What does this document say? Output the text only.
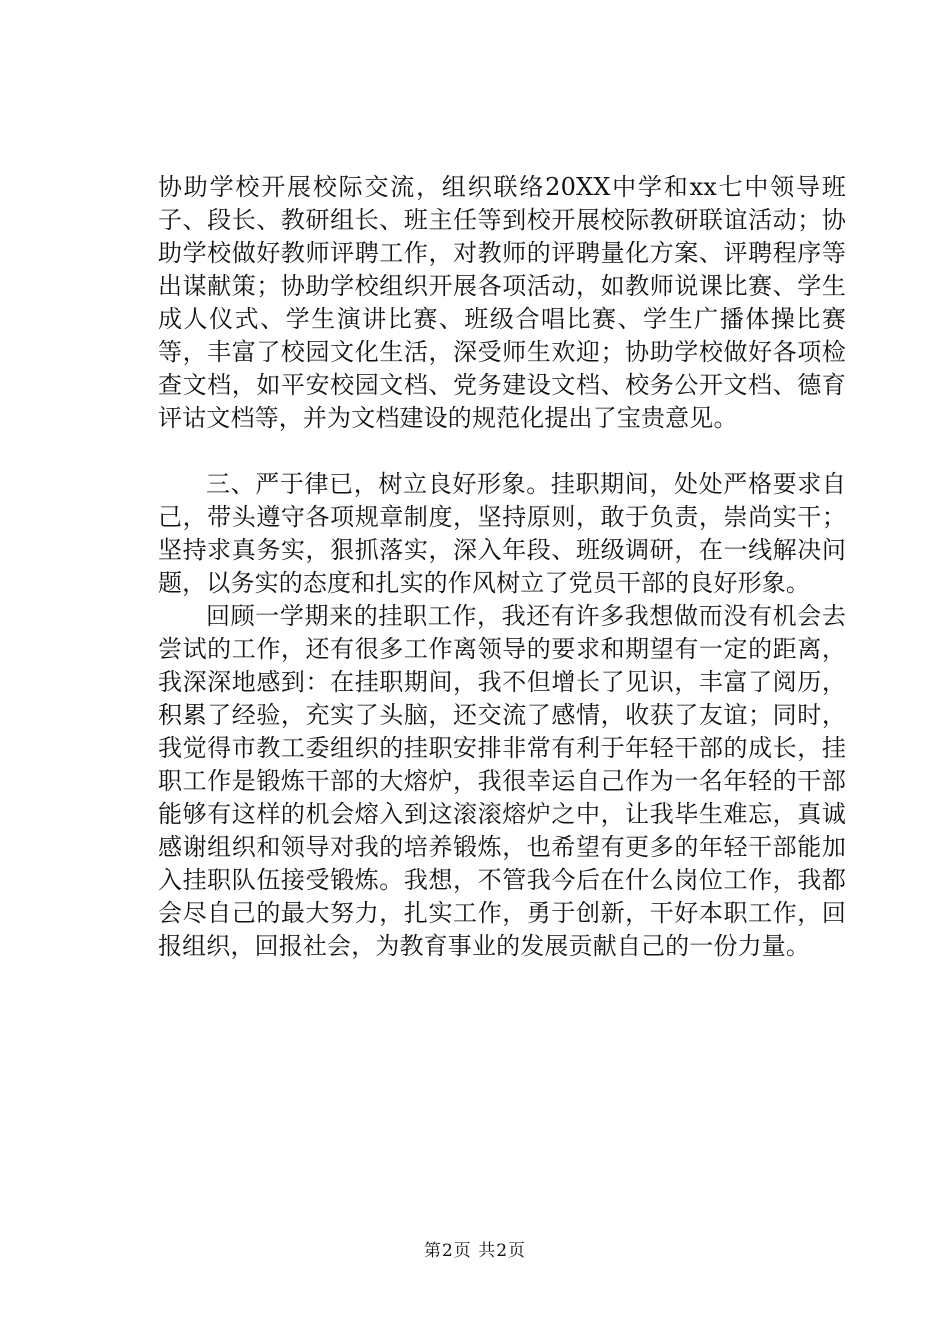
协助学校开展校际交流，组织联络20XX中学和xx七中领导班子、段长、教研组长、班主任等到校开展校际教研联谊活动；协助学校做好教师评聘工作，对教师的评聘量化方案、评聘程序等出谋献策；协助学校组织开展各项活动，如教师说课比赛、学生成人仪式、学生演讲比赛、班级合唱比赛、学生广播体操比赛等，丰富了校园文化生活，深受师生欢迎；协助学校做好各项检查文档，如平安校园文档、党务建设文档、校务公开文档、德育评诂文档等，并为文档建设的规范化提出了宝贵意见。

三、严于律已，树立良好形象。挂职期间，处处严格要求自己，带头遵守各项规章制度，坚持原则，敢于负责，崇尚实干；坚持求真务实，狠抓落实，深入年段、班级调研，在一线解决问题，以务实的态度和扎实的作风树立了党员干部的良好形象。

回顾一学期来的挂职工作，我还有许多我想做而没有机会去尝试的工作，还有很多工作离领导的要求和期望有一定的距离，我深深地感到：在挂职期间，我不但增长了见识，丰富了阅历，积累了经验，充实了头脑，还交流了感情，收获了友谊；同时，我觉得市教工委组织的挂职安排非常有利于年轻干部的成长，挂职工作是锻炼干部的大熔炉，我很幸运自己作为一名年轻的干部能够有这样的机会熔入到这滚滚熔炉之中，让我毕生难忘，真诚感谢组织和领导对我的培养锻炼，也希望有更多的年轻干部能加入挂职队伍接受锻炼。我想，不管我今后在什么岗位工作，我都会尽自己的最大努力，扎实工作，勇于创新，干好本职工作，回报组织，回报社会，为教育事业的发展贡献自己的一份力量。

第2页 共2页
